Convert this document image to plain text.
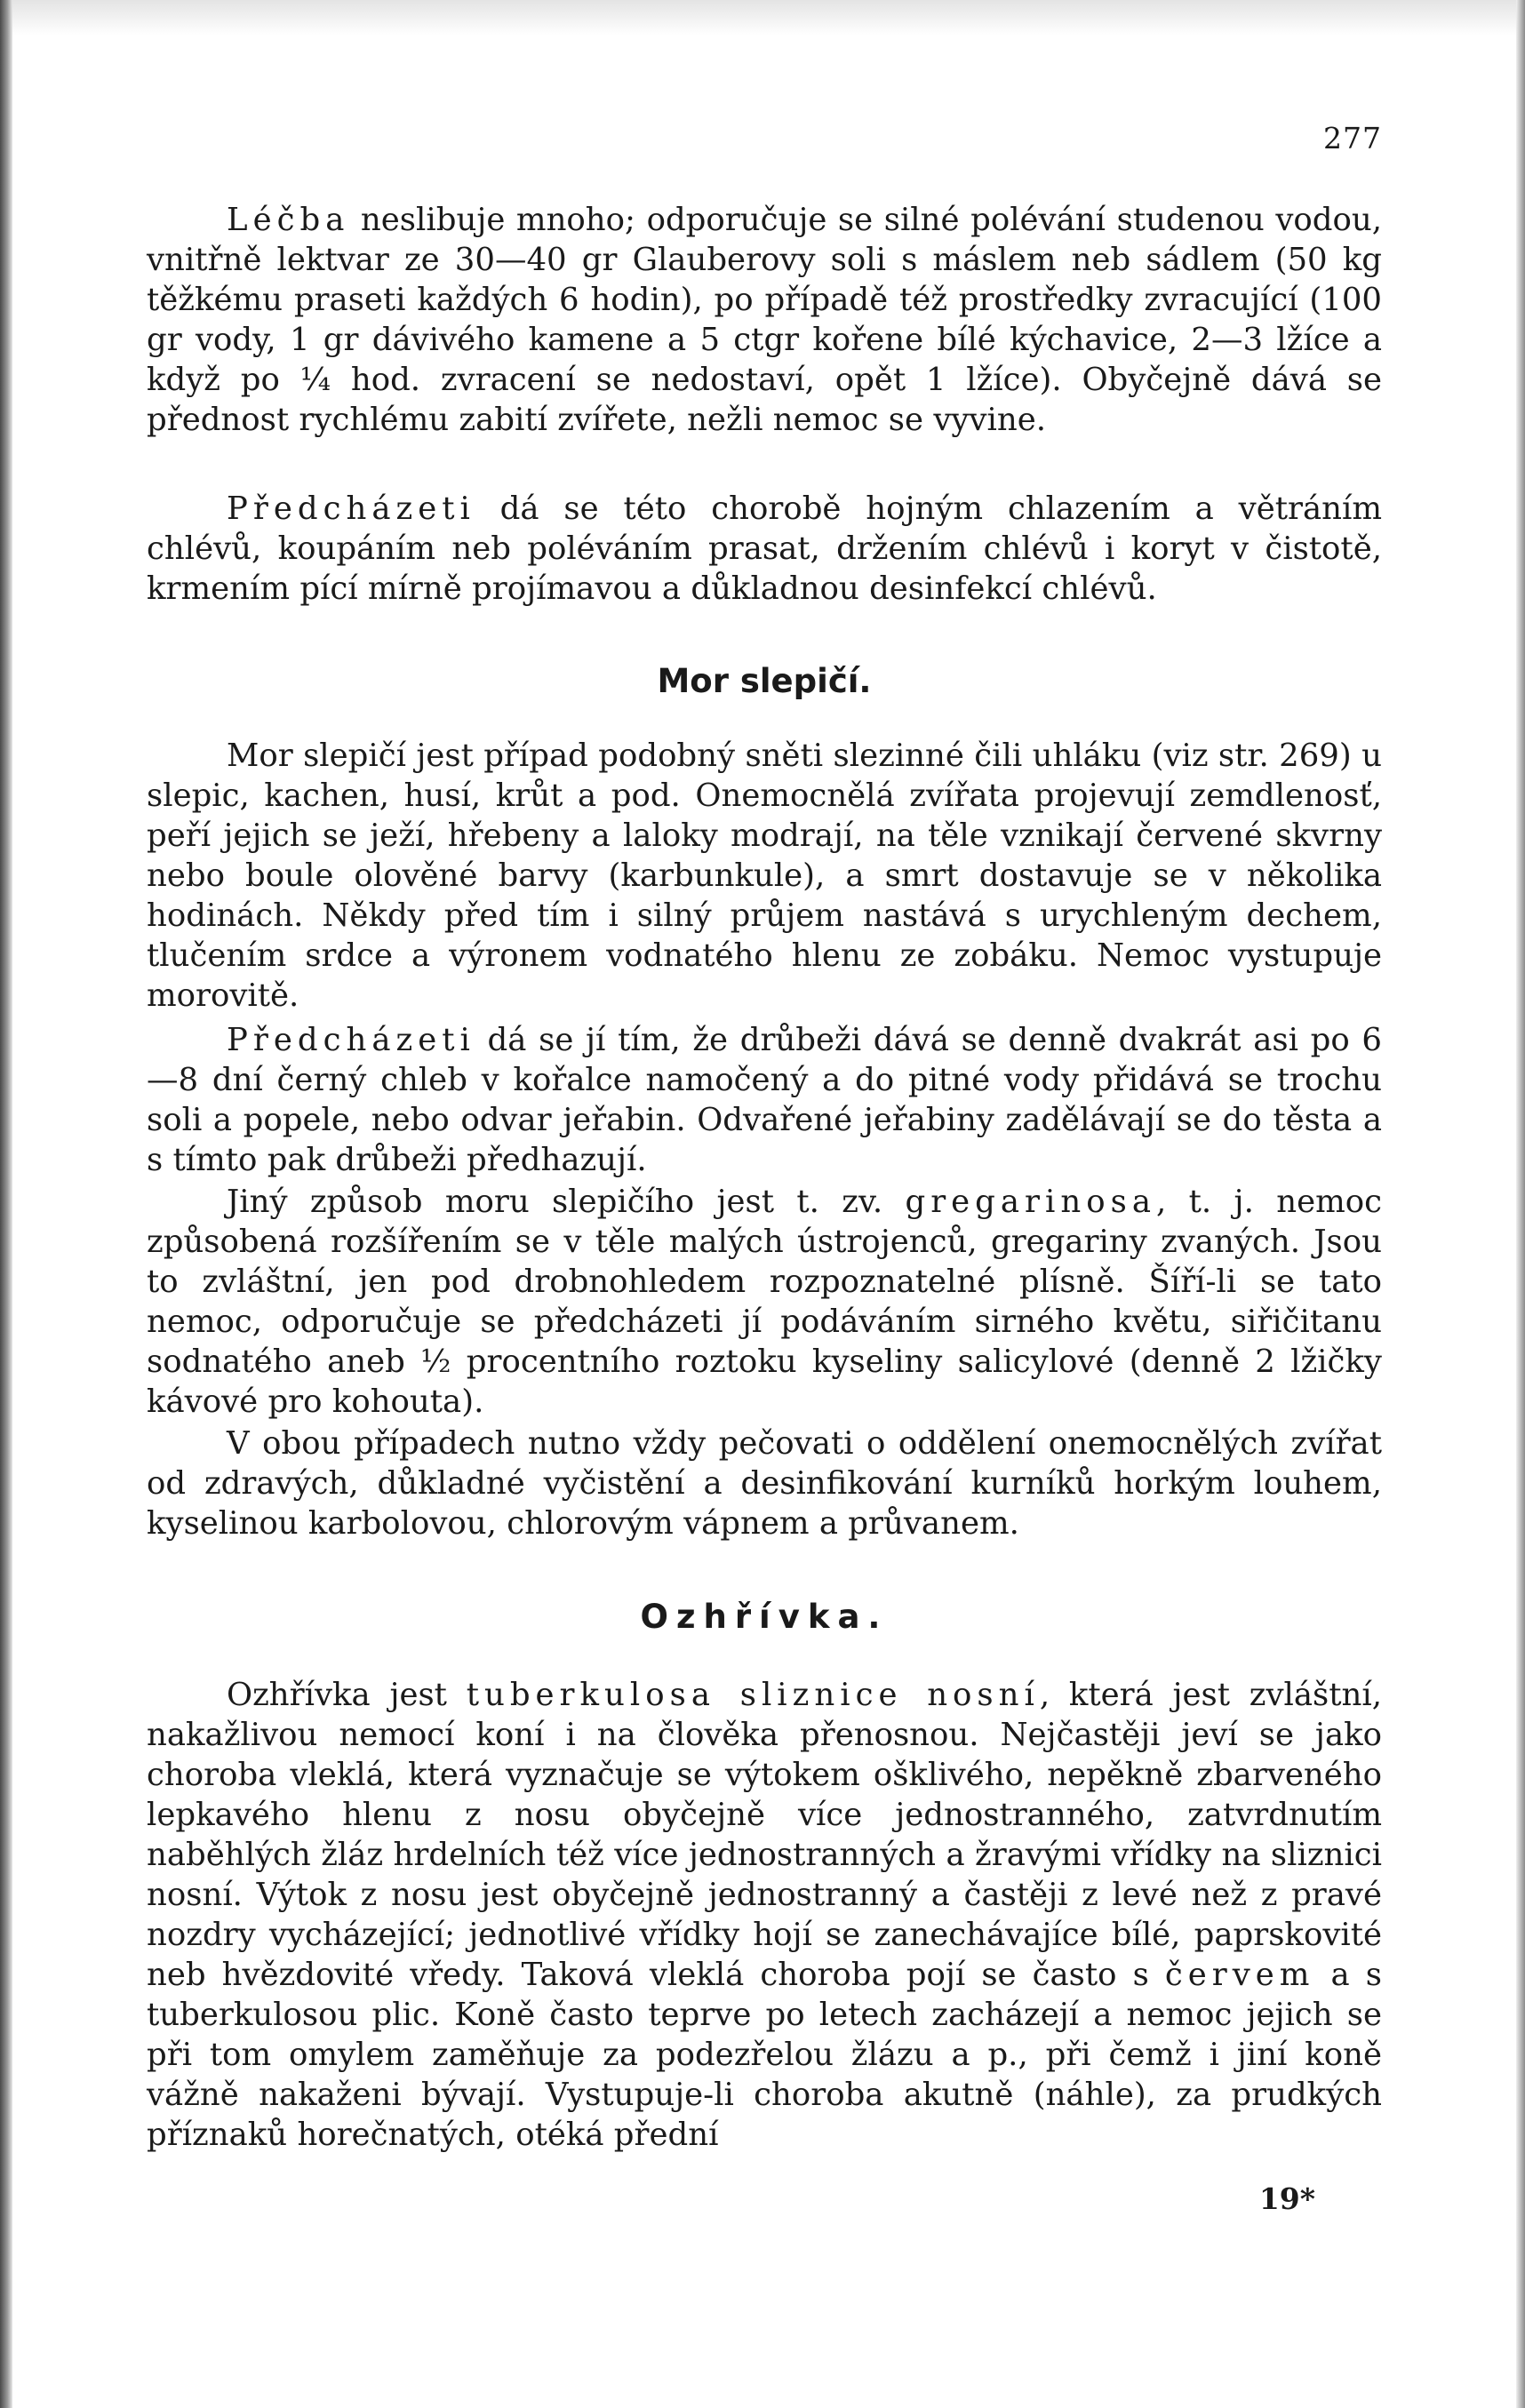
277

Léčba neslibuje mnoho; odporučuje se silné polévání studenou vodou, vnitřně lektvar ze 30—40 gr Glauberovy soli s máslem neb sádlem (50 kg těžkému praseti každých 6 hodin), po případě též prostředky zvracující (100 gr vody, 1 gr dávivého kamene a 5 ctgr kořene bílé kýchavice, 2—3 lžíce a když po ¼ hod. zvracení se nedostaví, opět 1 lžíce). Obyčejně dává se přednost rychlému zabití zvířete, nežli nemoc se vyvine.

Předcházeti dá se této chorobě hojným chlazením a větráním chlévů, koupáním neb poléváním prasat, držením chlévů i koryt v čistotě, krmením pící mírně projímavou a důkladnou desinfekcí chlévů.

Mor slepičí.

Mor slepičí jest případ podobný sněti slezinné čili uhláku (viz str. 269) u slepic, kachen, husí, krůt a pod. Onemocnělá zvířata projevují zemdlenosť, peří jejich se ježí, hřebeny a laloky modrají, na těle vznikají červené skvrny nebo boule olověné barvy (karbunkule), a smrt dostavuje se v několika hodinách. Někdy před tím i silný průjem nastává s urychleným dechem, tlučením srdce a výronem vodnatého hlenu ze zobáku. Nemoc vystupuje morovitě.

Předcházeti dá se jí tím, že drůbeži dává se denně dvakrát asi po 6—8 dní černý chleb v kořalce namočený a do pitné vody přidává se trochu soli a popele, nebo odvar jeřabin. Odvařené jeřabiny zadělávají se do těsta a s tímto pak drůbeži předhazují.

Jiný způsob moru slepičího jest t. zv. gregarinosa, t. j. nemoc způsobená rozšířením se v těle malých ústrojenců, gregariny zvaných. Jsou to zvláštní, jen pod drobnohledem rozpoznatelné plísně. Šíří-li se tato nemoc, odporučuje se předcházeti jí podáváním sirného květu, siřičitanu sodnatého aneb ½ procentního roztoku kyseliny salicylové (denně 2 lžičky kávové pro kohouta).

V obou případech nutno vždy pečovati o oddělení onemocnělých zvířat od zdravých, důkladné vyčistění a desinfikování kurníků horkým louhem, kyselinou karbolovou, chlorovým vápnem a průvanem.

Ozhřívka.

Ozhřívka jest tuberkulosa sliznice nosní, která jest zvláštní, nakažlivou nemocí koní i na člověka přenosnou. Nejčastěji jeví se jako choroba vleklá, která vyznačuje se výtokem ošklivého, nepěkně zbarveného lepkavého hlenu z nosu obyčejně více jednostranného, zatvrdnutím naběhlých žláz hrdelních též více jednostranných a žravými vřídky na sliznici nosní. Výtok z nosu jest obyčejně jednostranný a častěji z levé než z pravé nozdry vycházející; jednotlivé vřídky hojí se zanechávajíce bílé, paprskovité neb hvězdovité vředy. Taková vleklá choroba pojí se často s červem a s tuberkulosou plic. Koně často teprve po letech zacházejí a nemoc jejich se při tom omylem zaměňuje za podezřelou žlázu a p., při čemž i jiní koně vážně nakaženi bývají. Vystupuje-li choroba akutně (náhle), za prudkých příznaků horečnatých, otéká přední

19*
